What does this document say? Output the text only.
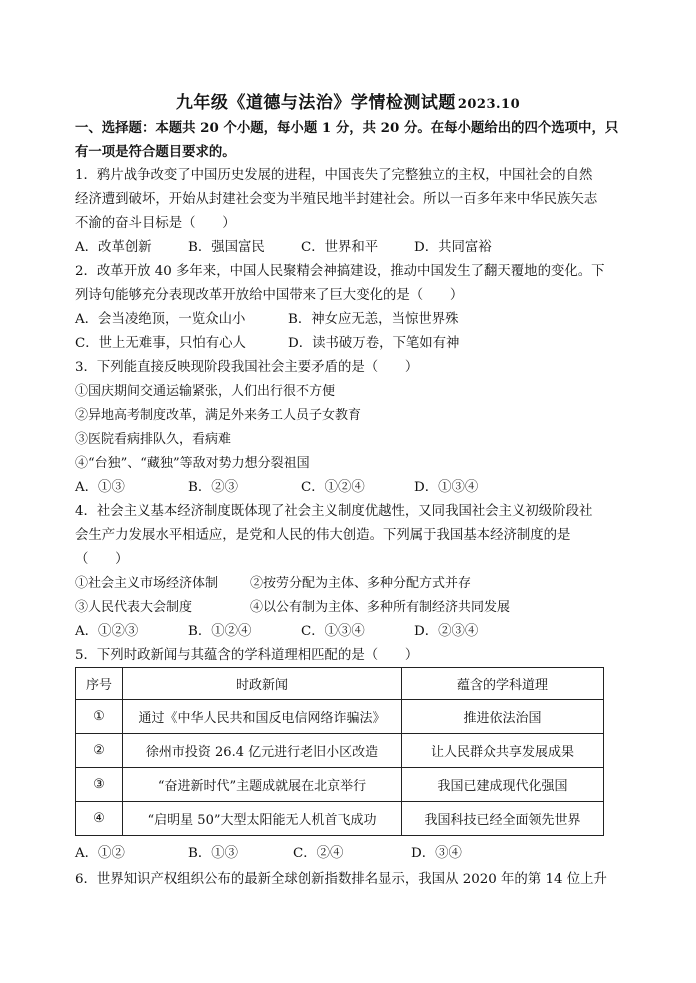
九年级《道德与法治》学情检测试题 2023.10
一、选择题：本题共 20 个小题，每小题 1 分，共 20 分。在每小题给出的四个选项中，只
有一项是符合题目要求的。
1．鸦片战争改变了中国历史发展的进程，中国丧失了完整独立的主权，中国社会的自然
经济遭到破坏，开始从封建社会变为半殖民地半封建社会。所以一百多年来中华民族矢志
不渝的奋斗目标是（　　）
A．改革创新	B．强国富民	C．世界和平	D．共同富裕
2．改革开放 40 多年来，中国人民聚精会神搞建设，推动中国发生了翻天覆地的变化。下
列诗句能够充分表现改革开放给中国带来了巨大变化的是（　　）
A．会当凌绝顶，一览众山小	B．神女应无恙，当惊世界殊
C．世上无难事，只怕有心人	D．读书破万卷，下笔如有神
3．下列能直接反映现阶段我国社会主要矛盾的是（　　）
①国庆期间交通运输紧张，人们出行很不方便
②异地高考制度改革，满足外来务工人员子女教育
③医院看病排队久，看病难
④“台独”、“藏独”等敌对势力想分裂祖国
A．①③	B．②③	C．①②④	D．①③④
4．社会主义基本经济制度既体现了社会主义制度优越性，又同我国社会主义初级阶段社
会生产力发展水平相适应，是党和人民的伟大创造。下列属于我国基本经济制度的是
（　　）
①社会主义市场经济体制 ②按劳分配为主体、多种分配方式并存
③人民代表大会制度	④以公有制为主体、多种所有制经济共同发展
A．①②③	B．①②④	C．①③④	D．②③④
5．下列时政新闻与其蕴含的学科道理相匹配的是（　　）
序号	时政新闻	蕴含的学科道理
①	通过《中华人民共和国反电信网络诈骗法》	推进依法治国
②	徐州市投资 26.4 亿元进行老旧小区改造	让人民群众共享发展成果
③	“奋进新时代”主题成就展在北京举行	我国已建成现代化强国
④	“启明星 50”大型太阳能无人机首飞成功	我国科技已经全面领先世界
A．①②	B．①③	C．②④	D．③④
6．世界知识产权组织公布的最新全球创新指数排名显示，我国从 2020 年的第 14 位上升
